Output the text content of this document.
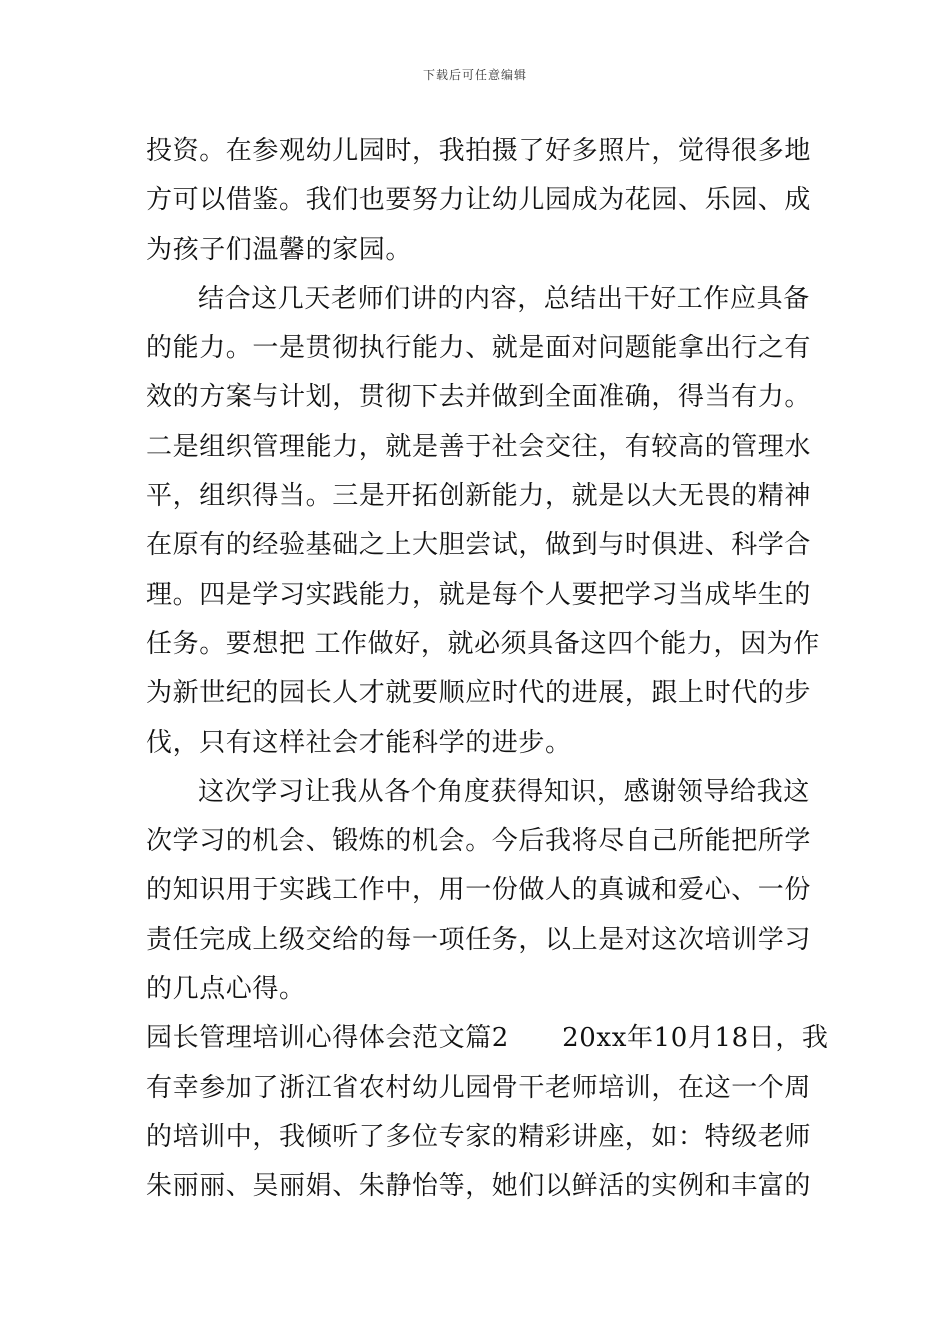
下载后可任意编辑
投资。在参观幼儿园时，我拍摄了好多照片，觉得很多地
方可以借鉴。我们也要努力让幼儿园成为花园、乐园、成
为孩子们温馨的家园。
结合这几天老师们讲的内容，总结出干好工作应具备
的能力。一是贯彻执行能力、就是面对问题能拿出行之有
效的方案与计划，贯彻下去并做到全面准确，得当有力。
二是组织管理能力，就是善于社会交往，有较高的管理水
平，组织得当。三是开拓创新能力，就是以大无畏的精神
在原有的经验基础之上大胆尝试，做到与时俱进、科学合
理。四是学习实践能力，就是每个人要把学习当成毕生的
任务。要想把 工作做好，就必须具备这四个能力，因为作
为新世纪的园长人才就要顺应时代的进展，跟上时代的步
伐，只有这样社会才能科学的进步。
这次学习让我从各个角度获得知识，感谢领导给我这
次学习的机会、锻炼的机会。今后我将尽自己所能把所学
的知识用于实践工作中，用一份做人的真诚和爱心、一份
责任完成上级交给的每一项任务，以上是对这次培训学习
的几点心得。
园长管理培训心得体会范文篇2　　20xx年10月18日，我
有幸参加了浙江省农村幼儿园骨干老师培训，在这一个周
的培训中，我倾听了多位专家的精彩讲座，如：特级老师
朱丽丽、吴丽娟、朱静怡等，她们以鲜活的实例和丰富的
